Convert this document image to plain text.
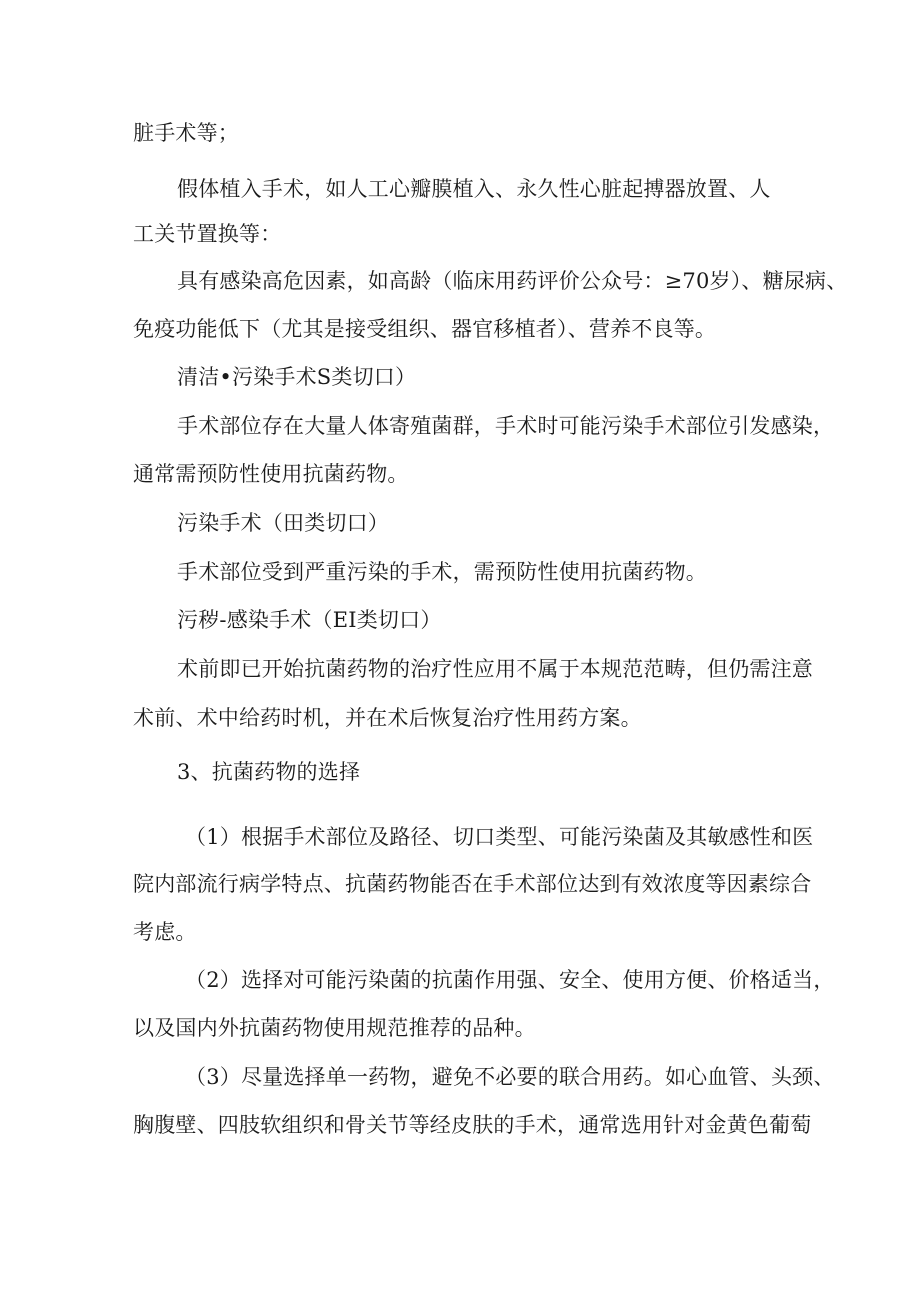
脏手术等；
假体植入手术，如人工心瓣膜植入、永久性心脏起搏器放置、人
工关节置换等：
具有感染高危因素，如高龄（临床用药评价公众号：≥70岁）、糖尿病、
免疫功能低下（尤其是接受组织、器官移植者）、营养不良等。
清洁•污染手术S类切口）
手术部位存在大量人体寄殖菌群，手术时可能污染手术部位引发感染，
通常需预防性使用抗菌药物。
污染手术（田类切口）
手术部位受到严重污染的手术，需预防性使用抗菌药物。
污秽-感染手术（EI类切口）
术前即已开始抗菌药物的治疗性应用不属于本规范范畴，但仍需注意
术前、术中给药时机，并在术后恢复治疗性用药方案。
3、抗菌药物的选择
（1）根据手术部位及路径、切口类型、可能污染菌及其敏感性和医
院内部流行病学特点、抗菌药物能否在手术部位达到有效浓度等因素综合
考虑。
（2）选择对可能污染菌的抗菌作用强、安全、使用方便、价格适当，
以及国内外抗菌药物使用规范推荐的品种。
（3）尽量选择单一药物，避免不必要的联合用药。如心血管、头颈、
胸腹壁、四肢软组织和骨关节等经皮肤的手术，通常选用针对金黄色葡萄
